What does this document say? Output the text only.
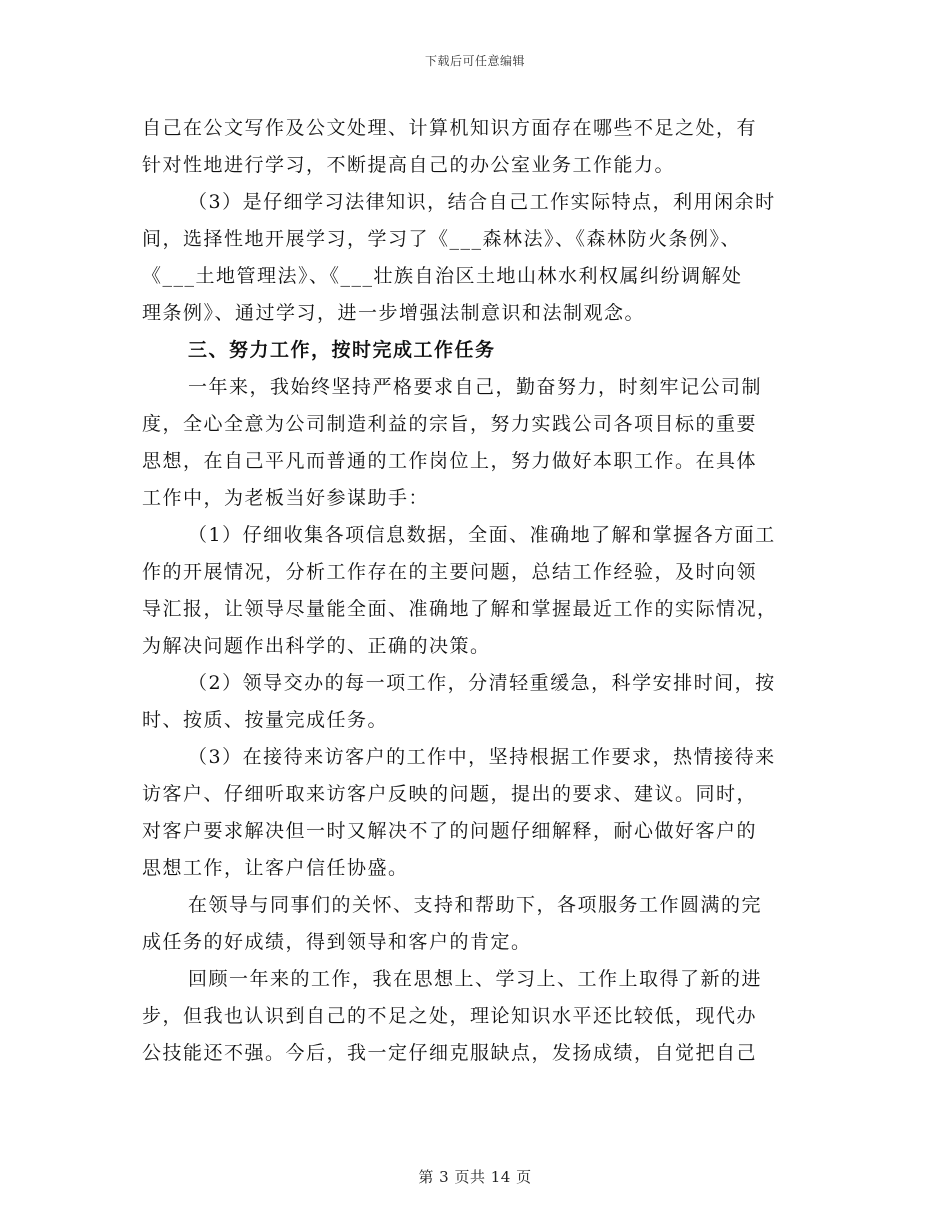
下载后可任意编辑

自己在公文写作及公文处理、计算机知识方面存在哪些不足之处，有

针对性地进行学习，不断提高自己的办公室业务工作能力。

（3）是仔细学习法律知识，结合自己工作实际特点，利用闲余时

间，选择性地开展学习，学习了《___森林法》、《森林防火条例》、

《___土地管理法》、《___壮族自治区土地山林水利权属纠纷调解处

理条例》、通过学习，进一步增强法制意识和法制观念。

三、努力工作，按时完成工作任务

一年来，我始终坚持严格要求自己，勤奋努力，时刻牢记公司制

度，全心全意为公司制造利益的宗旨，努力实践公司各项目标的重要

思想，在自己平凡而普通的工作岗位上，努力做好本职工作。在具体

工作中，为老板当好参谋助手：

（1）仔细收集各项信息数据，全面、准确地了解和掌握各方面工

作的开展情况，分析工作存在的主要问题，总结工作经验，及时向领

导汇报，让领导尽量能全面、准确地了解和掌握最近工作的实际情况，

为解决问题作出科学的、正确的决策。

（2）领导交办的每一项工作，分清轻重缓急，科学安排时间，按

时、按质、按量完成任务。

（3）在接待来访客户的工作中，坚持根据工作要求，热情接待来

访客户、仔细听取来访客户反映的问题，提出的要求、建议。同时，

对客户要求解决但一时又解决不了的问题仔细解释，耐心做好客户的

思想工作，让客户信任协盛。

在领导与同事们的关怀、支持和帮助下，各项服务工作圆满的完

成任务的好成绩，得到领导和客户的肯定。

回顾一年来的工作，我在思想上、学习上、工作上取得了新的进

步，但我也认识到自己的不足之处，理论知识水平还比较低，现代办

公技能还不强。今后，我一定仔细克服缺点，发扬成绩，自觉把自己

第 3 页共 14 页
